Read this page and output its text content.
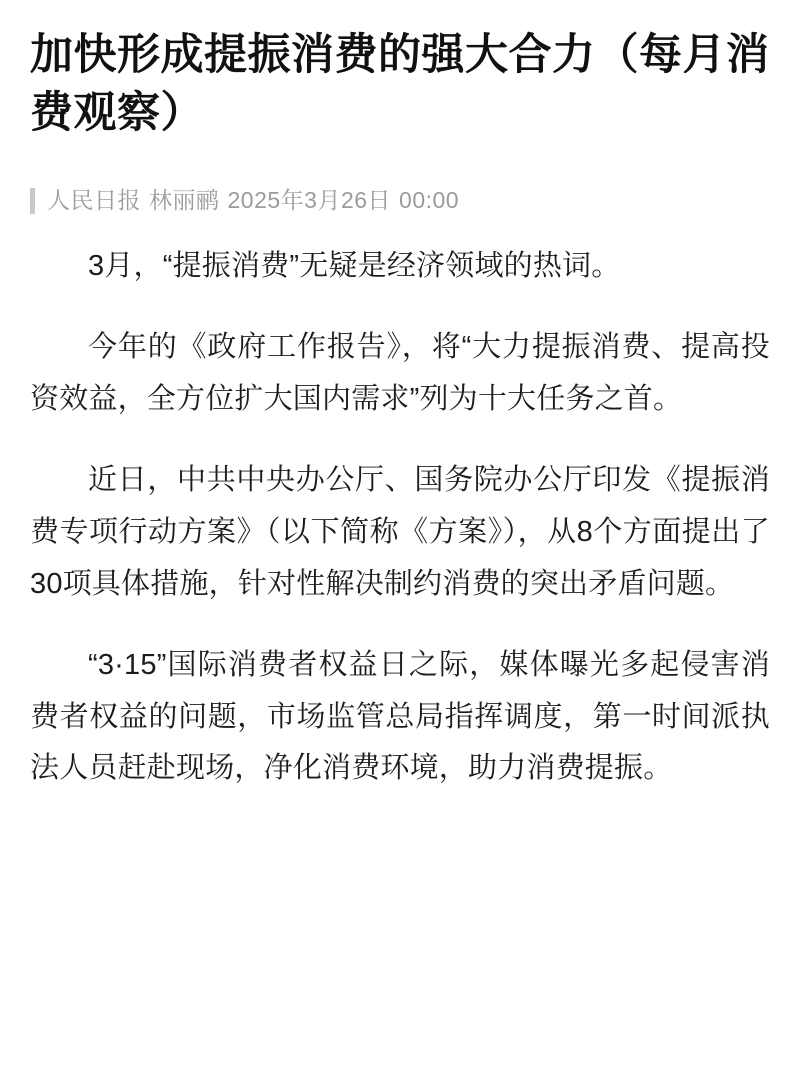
加快形成提振消费的强大合力（每月消费观察）
人民日报 林丽鹂 2025年3月26日 00:00

3月，“提振消费”无疑是经济领域的热词。

今年的《政府工作报告》，将“大力提振消费、提高投资效益，全方位扩大国内需求”列为十大任务之首。

近日，中共中央办公厅、国务院办公厅印发《提振消费专项行动方案》（以下简称《方案》），从8个方面提出了30项具体措施，针对性解决制约消费的突出矛盾问题。

“3·15”国际消费者权益日之际，媒体曝光多起侵害消费者权益的问题，市场监管总局指挥调度，第一时间派执法人员赶赴现场，净化消费环境，助力消费提振。
